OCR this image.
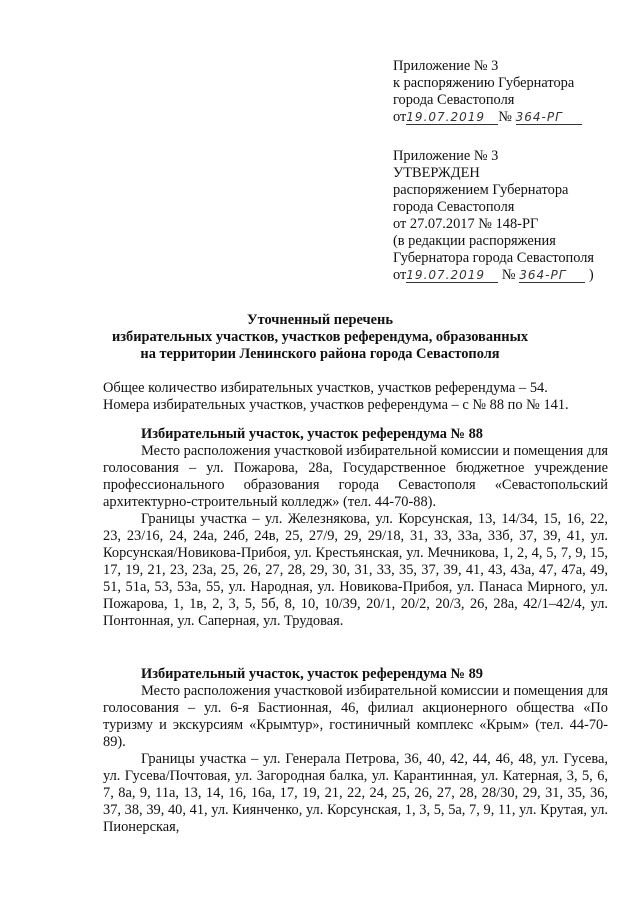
Приложение № 3
к распоряжению Губернатора
города Севастополя
от19.07.2019 № 364-РГ
Приложение № 3
УТВЕРЖДЕН
распоряжением Губернатора
города Севастополя
от 27.07.2017 № 148-РГ
(в редакции распоряжения
Губернатора города Севастополя
от19.07.2019 № 364-РГ )
Уточненный перечень
избирательных участков, участков референдума, образованных
на территории Ленинского района города Севастополя
Общее количество избирательных участков, участков референдума – 54.
Номера избирательных участков, участков референдума – с № 88 по № 141.
Избирательный участок, участок референдума № 88

Место расположения участковой избирательной комиссии и помещения для голосования – ул. Пожарова, 28а, Государственное бюджетное учреждение профессионального образования города Севастополя «Севастопольский архитектурно-строительный колледж» (тел. 44-70-88).

Границы участка – ул. Железнякова, ул. Корсунская, 13, 14/34, 15, 16, 22, 23, 23/16, 24, 24а, 24б, 24в, 25, 27/9, 29, 29/18, 31, 33, 33а, 33б, 37, 39, 41, ул. Корсунская/Новикова-Прибоя, ул. Крестьянская, ул. Мечникова, 1, 2, 4, 5, 7, 9, 15, 17, 19, 21, 23, 23а, 25, 26, 27, 28, 29, 30, 31, 33, 35, 37, 39, 41, 43, 43а, 47, 47а, 49, 51, 51а, 53, 53а, 55, ул. Народная, ул. Новикова-Прибоя, ул. Панаса Мирного, ул. Пожарова, 1, 1в, 2, 3, 5, 5б, 8, 10, 10/39, 20/1, 20/2, 20/3, 26, 28а, 42/1–42/4, ул. Понтонная, ул. Саперная, ул. Трудовая.

Избирательный участок, участок референдума № 89

Место расположения участковой избирательной комиссии и помещения для голосования – ул. 6-я Бастионная, 46, филиал акционерного общества «По туризму и экскурсиям «Крымтур», гостиничный комплекс «Крым» (тел. 44-70-89).

Границы участка – ул. Генерала Петрова, 36, 40, 42, 44, 46, 48, ул. Гусева, ул. Гусева/Почтовая, ул. Загородная балка, ул. Карантинная, ул. Катерная, 3, 5, 6, 7, 8а, 9, 11а, 13, 14, 16, 16а, 17, 19, 21, 22, 24, 25, 26, 27, 28, 28/30, 29, 31, 35, 36, 37, 38, 39, 40, 41, ул. Киянченко, ул. Корсунская, 1, 3, 5, 5а, 7, 9, 11, ул. Крутая, ул. Пионерская,
